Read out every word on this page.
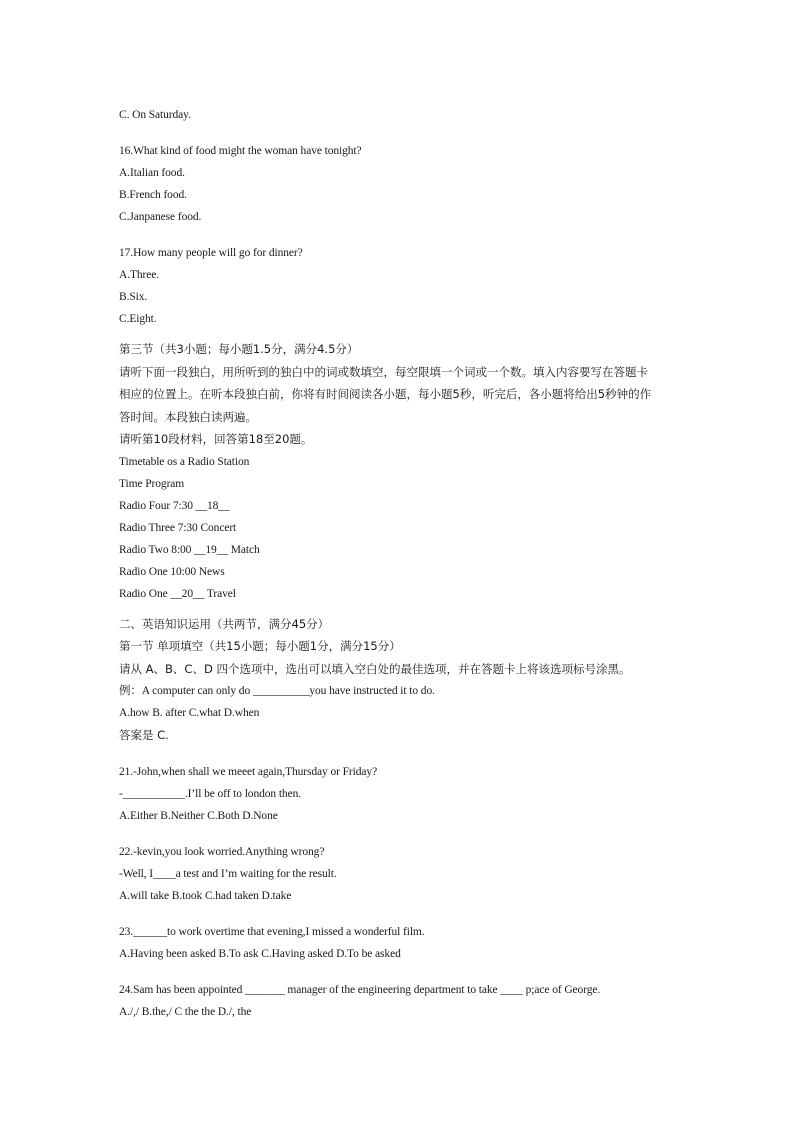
C. On Saturday.
16.What kind of food might the woman have tonight?
A.Italian food.
B.French food.
C.Janpanese food.
17.How many people will go for dinner?
A.Three.
B.Six.
C.Eight.
第三节（共3小题；每小题1.5分，满分4.5分）
请听下面一段独白，用所听到的独白中的词或数填空，每空限填一个词或一个数。填入内容要写在答题卡
相应的位置上。在听本段独白前，你将有时间阅读各小题，每小题5秒，听完后，各小题将给出5秒钟的作
答时间。本段独白读两遍。
请听第10段材料，回答第18至20题。
Timetable os a Radio Station
Time Program
Radio Four 7:30 __18__
Radio Three 7:30 Concert
Radio Two 8:00 __19__ Match
Radio One 10:00 News
Radio One __20__ Travel
二、英语知识运用（共两节，满分45分）
第一节 单项填空（共15小题；每小题1分，满分15分）
请从 A、B、C、D 四个选项中，选出可以填入空白处的最佳选项，并在答题卡上将该选项标号涂黑。
例：A computer can only do __________you have instructed it to do.
A.how B. after C.what D.when
答案是 C.
21.-John,when shall we meeet again,Thursday or Friday?
-___________.I’ll be off to london then.
A.Either B.Neither C.Both D.None
22.-kevin,you look worried.Anything wrong?
-Well, I____a test and I’m waiting for the result.
A.will take B.took C.had taken D.take
23.______to work overtime that evening,I missed a wonderful film.
A.Having been asked B.To ask C.Having asked D.To be asked
24.Sam has been appointed _______ manager of the engineering department to take ____ p;ace of George.
A./,/ B.the,/ C the the D./, the
